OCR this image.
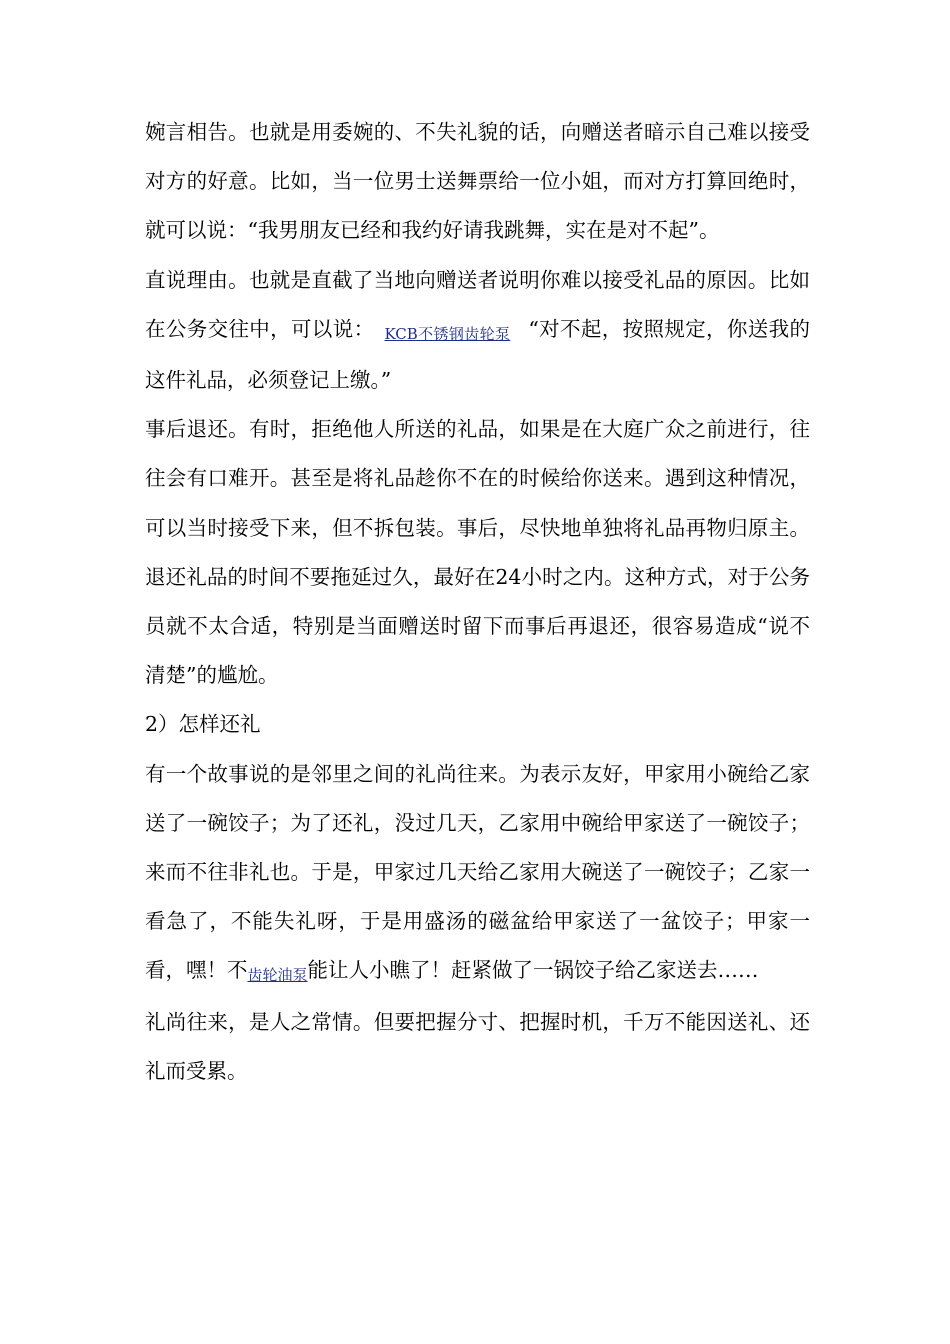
婉言相告。也就是用委婉的、不失礼貌的话，向赠送者暗示自己难以接受对方的好意。比如，当一位男士送舞票给一位小姐，而对方打算回绝时，就可以说：“我男朋友已经和我约好请我跳舞，实在是对不起”。

直说理由。也就是直截了当地向赠送者说明你难以接受礼品的原因。比如在公务交往中，可以说： KCB不锈钢齿轮泵 “对不起，按照规定，你送我的这件礼品，必须登记上缴。”

事后退还。有时，拒绝他人所送的礼品，如果是在大庭广众之前进行，往往会有口难开。甚至是将礼品趁你不在的时候给你送来。遇到这种情况，可以当时接受下来，但不拆包装。事后，尽快地单独将礼品再物归原主。退还礼品的时间不要拖延过久，最好在24小时之内。这种方式，对于公务员就不太合适，特别是当面赠送时留下而事后再退还，很容易造成“说不清楚”的尴尬。

2）怎样还礼

有一个故事说的是邻里之间的礼尚往来。为表示友好，甲家用小碗给乙家送了一碗饺子；为了还礼，没过几天，乙家用中碗给甲家送了一碗饺子；来而不往非礼也。于是，甲家过几天给乙家用大碗送了一碗饺子；乙家一看急了，不能失礼呀，于是用盛汤的磁盆给甲家送了一盆饺子；甲家一看，嘿！不齿轮油泵能让人小瞧了！赶紧做了一锅饺子给乙家送去……

礼尚往来，是人之常情。但要把握分寸、把握时机，千万不能因送礼、还礼而受累。
